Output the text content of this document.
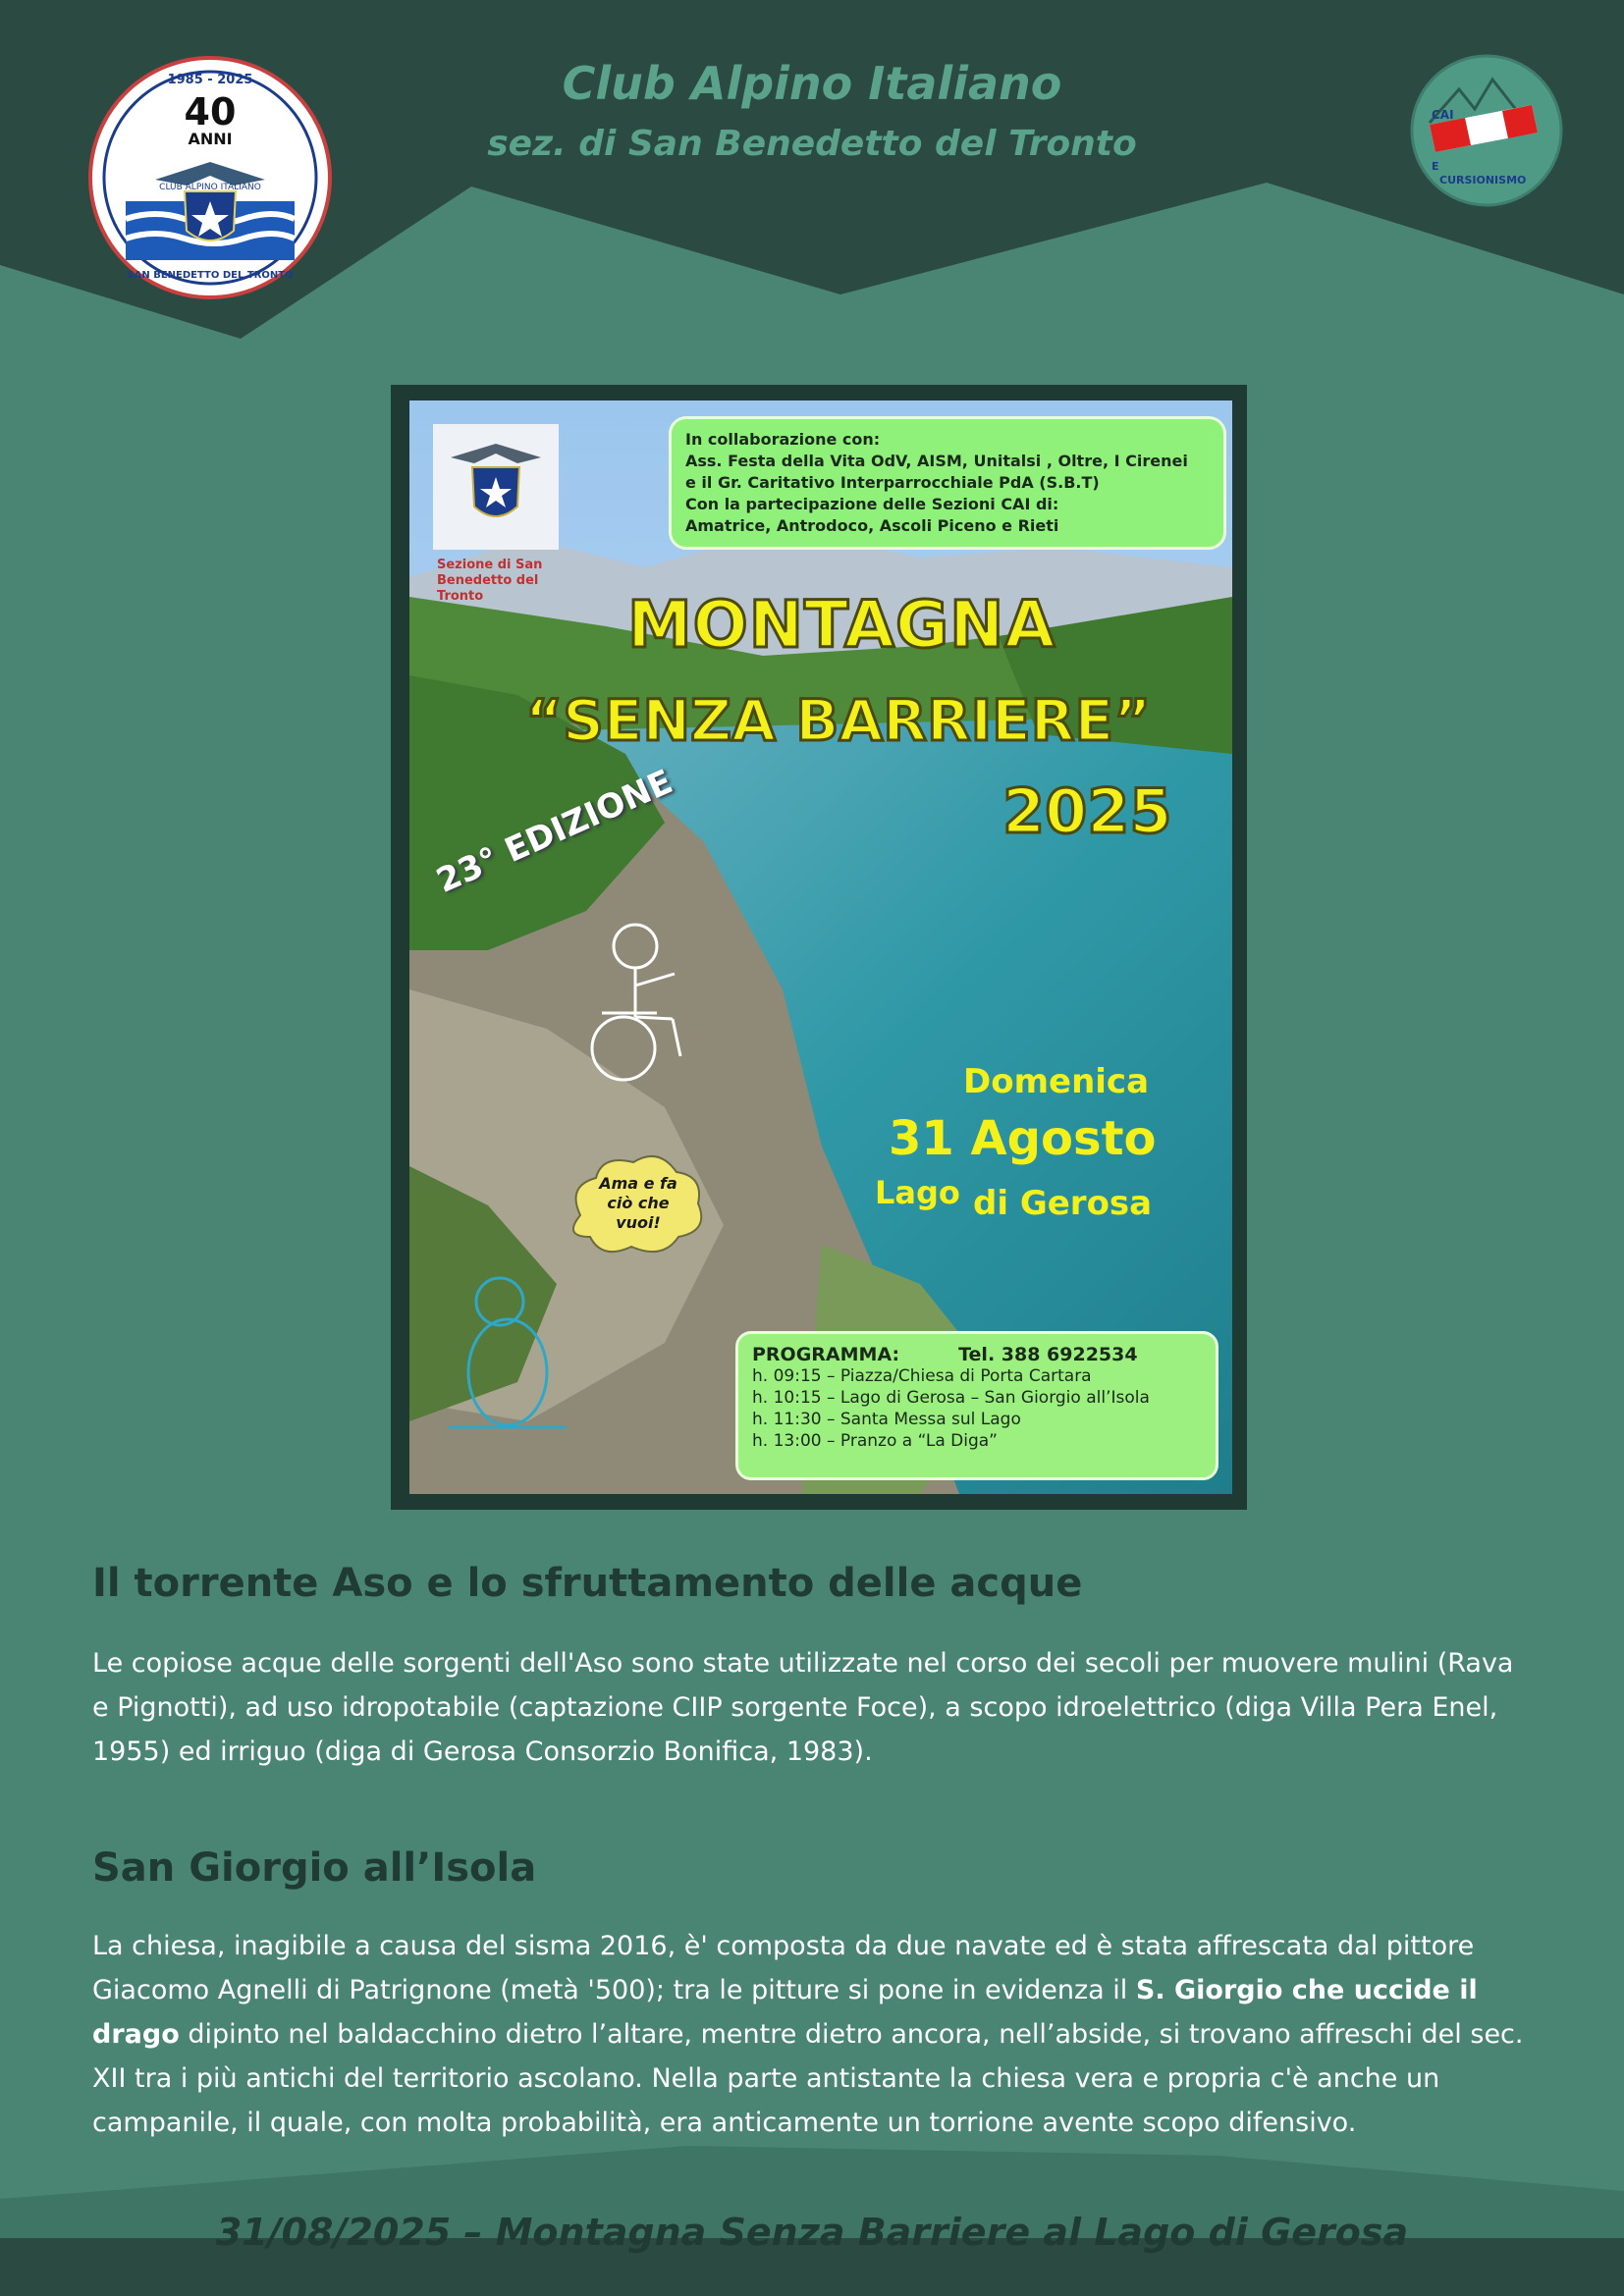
Club Alpino Italiano
sez. di San Benedetto del Tronto
1985 - 2025
40
ANNI
CLUB ALPINO ITALIANO
SAN BENEDETTO DEL TRONTO
CAI
E
CURSIONISMO
Sezione di San Benedetto del Tronto
In collaborazione con:
Ass. Festa della Vita OdV, AISM, Unitalsi , Oltre, I Cirenei
e il Gr. Caritativo Interparrocchiale PdA (S.B.T)
Con la partecipazione delle Sezioni CAI di:
Amatrice, Antrodoco, Ascoli Piceno e Rieti
MONTAGNA
“SENZA BARRIERE”
2025
23° EDIZIONE
Domenica
31 Agosto
Lago di Gerosa
Ama e fa ciò che vuoi!
PROGRAMMA:	Tel. 388 6922534
h. 09:15 – Piazza/Chiesa di Porta Cartara
h. 10:15 – Lago di Gerosa – San Giorgio all’Isola
h. 11:30 – Santa Messa sul Lago
h. 13:00 – Pranzo a “La Diga”
Il torrente Aso e lo sfruttamento delle acque
Le copiose acque delle sorgenti dell'Aso sono state utilizzate nel corso dei secoli per muovere mulini (Rava e Pignotti), ad uso idropotabile (captazione CIIP sorgente Foce), a scopo idroelettrico (diga Villa Pera Enel, 1955) ed irriguo (diga di Gerosa Consorzio Bonifica, 1983).
San Giorgio all’Isola
La chiesa, inagibile a causa del sisma 2016, è' composta da due navate ed è stata affrescata dal pittore Giacomo Agnelli di Patrignone (metà '500); tra le pitture si pone in evidenza il S. Giorgio che uccide il drago dipinto nel baldacchino dietro l’altare, mentre dietro ancora, nell’abside, si trovano affreschi del sec. XII tra i più antichi del territorio ascolano. Nella parte antistante la chiesa vera e propria c'è anche un campanile, il quale, con molta probabilità, era anticamente un torrione avente scopo difensivo.
31/08/2025 – Montagna Senza Barriere al Lago di Gerosa
